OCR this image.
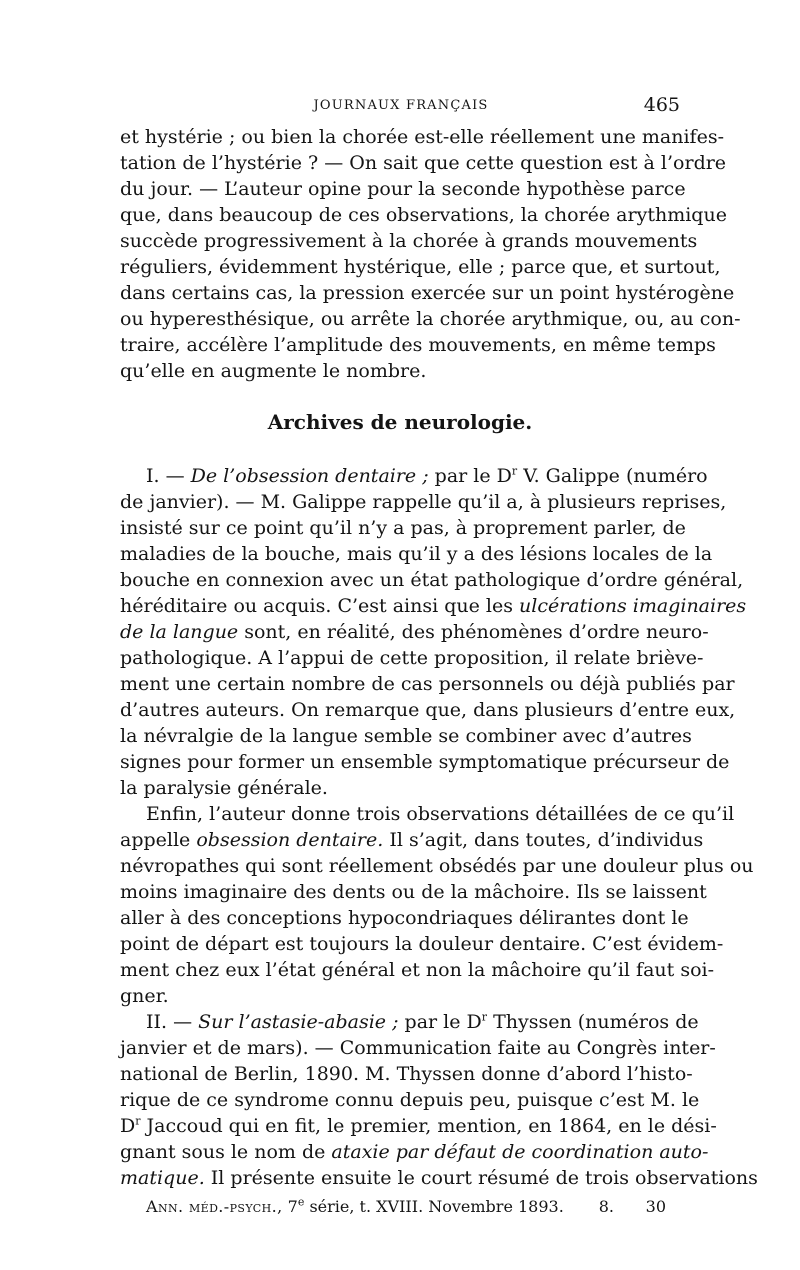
JOURNAUX FRANÇAIS	465
et hystérie ; ou bien la chorée est-elle réellement une manifes-
tation de l’hystérie ? — On sait que cette question est à l’ordre
du jour. — L’auteur opine pour la seconde hypothèse parce
que, dans beaucoup de ces observations, la chorée arythmique
succède progressivement à la chorée à grands mouvements
réguliers, évidemment hystérique, elle ; parce que, et surtout,
dans certains cas, la pression exercée sur un point hystérogène
ou hyperesthésique, ou arrête la chorée arythmique, ou, au con-
traire, accélère l’amplitude des mouvements, en même temps
qu’elle en augmente le nombre.
Archives de neurologie.
I. — De l’obsession dentaire ; par le $D^r$ V. Galippe (numéro
de janvier). — M. Galippe rappelle qu’il a, à plusieurs reprises,
insisté sur ce point qu’il n’y a pas, à proprement parler, de
maladies de la bouche, mais qu’il y a des lésions locales de la
bouche en connexion avec un état pathologique d’ordre général,
héréditaire ou acquis. C’est ainsi que les ulcérations imaginaires
de la langue sont, en réalité, des phénomènes d’ordre neuro-
pathologique. A l’appui de cette proposition, il relate briève-
ment une certain nombre de cas personnels ou déjà publiés par
d’autres auteurs. On remarque que, dans plusieurs d’entre eux,
la névralgie de la langue semble se combiner avec d’autres
signes pour former un ensemble symptomatique précurseur de
la paralysie générale.
Enfin, l’auteur donne trois observations détaillées de ce qu’il
appelle obsession dentaire. Il s’agit, dans toutes, d’individus
névropathes qui sont réellement obsédés par une douleur plus ou
moins imaginaire des dents ou de la mâchoire. Ils se laissent
aller à des conceptions hypocondriaques délirantes dont le
point de départ est toujours la douleur dentaire. C’est évidem-
ment chez eux l’état général et non la mâchoire qu’il faut soi-
gner.
II. — Sur l’astasie-abasie ; par le $D^r$ Thyssen (numéros de
janvier et de mars). — Communication faite au Congrès inter-
national de Berlin, 1890. M. Thyssen donne d’abord l’histo-
rique de ce syndrome connu depuis peu, puisque c’est M. le
$D^r$ Jaccoud qui en fit, le premier, mention, en 1864, en le dési-
gnant sous le nom de ataxie par défaut de coordination auto-
matique. Il présente ensuite le court résumé de trois observations
Ann. méd.-psych., 7e série, t. XVIII. Novembre 1893. 8. 30
